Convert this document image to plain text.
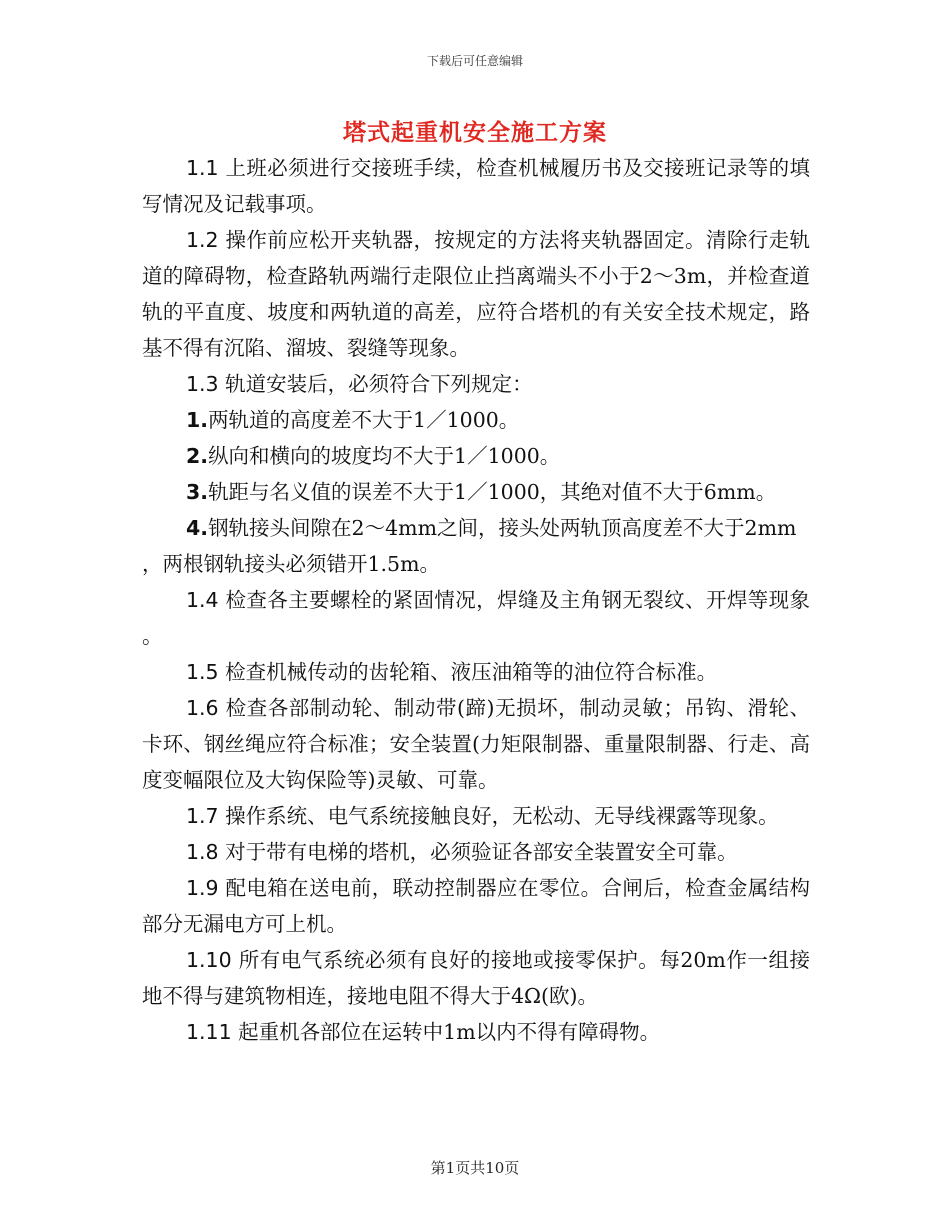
下载后可任意编辑
塔式起重机安全施工方案

1.1 上班必须进行交接班手续，检查机械履历书及交接班记录等的填写情况及记载事项。

1.2 操作前应松开夹轨器，按规定的方法将夹轨器固定。清除行走轨道的障碍物，检查路轨两端行走限位止挡离端头不小于2～3m，并检查道轨的平直度、坡度和两轨道的高差，应符合塔机的有关安全技术规定，路基不得有沉陷、溜坡、裂缝等现象。

1.3 轨道安装后，必须符合下列规定：

1.两轨道的高度差不大于1／1000。

2.纵向和横向的坡度均不大于1／1000。

3.轨距与名义值的误差不大于1／1000，其绝对值不大于6mm。

4.钢轨接头间隙在2～4mm之间，接头处两轨顶高度差不大于2mm，两根钢轨接头必须错开1.5m。

1.4 检查各主要螺栓的紧固情况，焊缝及主角钢无裂纹、开焊等现象。

1.5 检查机械传动的齿轮箱、液压油箱等的油位符合标准。

1.6 检查各部制动轮、制动带(蹄)无损坏，制动灵敏；吊钩、滑轮、卡环、钢丝绳应符合标准；安全装置(力矩限制器、重量限制器、行走、高度变幅限位及大钩保险等)灵敏、可靠。

1.7 操作系统、电气系统接触良好，无松动、无导线裸露等现象。

1.8 对于带有电梯的塔机，必须验证各部安全装置安全可靠。

1.9 配电箱在送电前，联动控制器应在零位。合闸后，检查金属结构部分无漏电方可上机。

1.10 所有电气系统必须有良好的接地或接零保护。每20m作一组接地不得与建筑物相连，接地电阻不得大于4Ω(欧)。

1.11 起重机各部位在运转中1m以内不得有障碍物。

第1页共10页
